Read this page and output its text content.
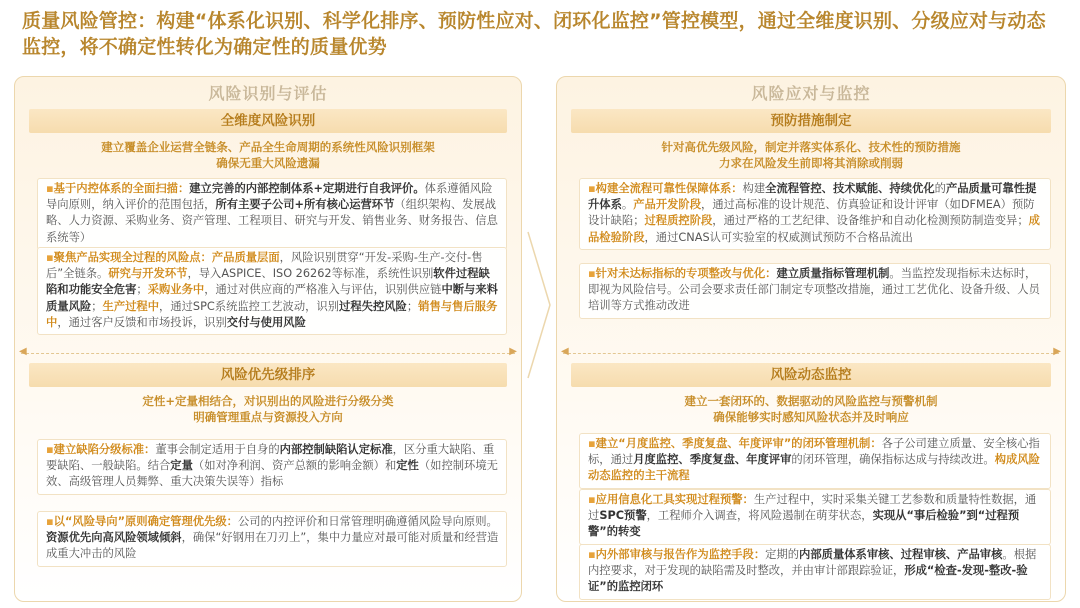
质量风险管控：构建“体系化识别、科学化排序、预防性应对、闭环化监控”管控模型，通过全维度识别、分级应对与动态监控，将不确定性转化为确定性的质量优势
风险识别与评估
全维度风险识别
建立覆盖企业运营全链条、产品全生命周期的系统性风险识别框架
确保无重大风险遗漏
▪基于内控体系的全面扫描：建立完善的内部控制体系+定期进行自我评价。体系遵循风险导向原则，纳入评价的范围包括，所有主要子公司+所有核心运营环节（组织架构、发展战略、人力资源、采购业务、资产管理、工程项目、研究与开发、销售业务、财务报告、信息系统等）
▪聚焦产品实现全过程的风险点：产品质量层面，风险识别贯穿“开发-采购-生产-交付-售后”全链条。研究与开发环节，导入ASPICE、ISO 26262等标准，系统性识别软件过程缺陷和功能安全危害；采购业务中，通过对供应商的严格准入与评估，识别供应链中断与来料质量风险；生产过程中，通过SPC系统监控工艺波动，识别过程失控风险；销售与售后服务中，通过客户反馈和市场投诉，识别交付与使用风险
◀	▶
风险优先级排序
定性+定量相结合，对识别出的风险进行分级分类
明确管理重点与资源投入方向
▪建立缺陷分级标准：董事会制定适用于自身的内部控制缺陷认定标准，区分重大缺陷、重要缺陷、一般缺陷。结合定量（如对净利润、资产总额的影响金额）和定性（如控制环境无效、高级管理人员舞弊、重大决策失误等）指标
▪以“风险导向”原则确定管理优先级：公司的内控评价和日常管理明确遵循风险导向原则。资源优先向高风险领域倾斜，确保“好钢用在刀刃上”，集中力量应对最可能对质量和经营造成重大冲击的风险
风险应对与监控
预防措施制定
针对高优先级风险，制定并落实体系化、技术性的预防措施
力求在风险发生前即将其消除或削弱
▪构建全流程可靠性保障体系：构建全流程管控、技术赋能、持续优化的产品质量可靠性提升体系。产品开发阶段，通过高标准的设计规范、仿真验证和设计评审（如DFMEA）预防设计缺陷；过程质控阶段，通过严格的工艺纪律、设备维护和自动化检测预防制造变异；成品检验阶段，通过CNAS认可实验室的权威测试预防不合格品流出
▪针对未达标指标的专项整改与优化：建立质量指标管理机制。当监控发现指标未达标时，即视为风险信号。公司会要求责任部门制定专项整改措施，通过工艺优化、设备升级、人员培训等方式推动改进
◀	▶
风险动态监控
建立一套闭环的、数据驱动的风险监控与预警机制
确保能够实时感知风险状态并及时响应
▪建立“月度监控、季度复盘、年度评审”的闭环管理机制：各子公司建立质量、安全核心指标，通过月度监控、季度复盘、年度评审的闭环管理，确保指标达成与持续改进。构成风险动态监控的主干流程
▪应用信息化工具实现过程预警：生产过程中，实时采集关键工艺参数和质量特性数据，通过SPC预警，工程师介入调查，将风险遏制在萌芽状态，实现从“事后检验”到“过程预警”的转变
▪内外部审核与报告作为监控手段：定期的内部质量体系审核、过程审核、产品审核。根据内控要求，对于发现的缺陷需及时整改，并由审计部跟踪验证，形成“检查-发现-整改-验证”的监控闭环
